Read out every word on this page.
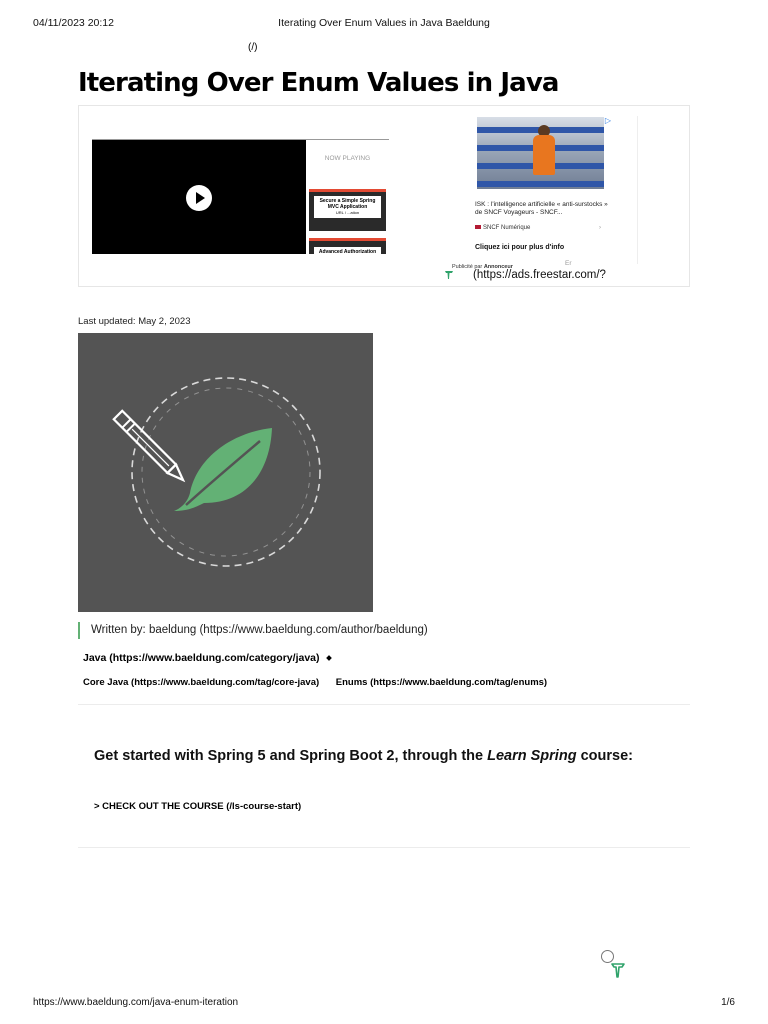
04/11/2023 20:12	Iterating Over Enum Values in Java Baeldung
(/)
Iterating Over Enum Values in Java
NOW PLAYING
Secure a Simple Spring MVC Application
URL / ...ation
Advanced Authorization
▷
ISK : l'intelligence artificielle « anti-surstocks » de SNCF Voyageurs - SNCF...
SNCF Numérique	›
Cliquez ici pour plus d'info
Publicité par Annonceur	Er
(https://ads.freestar.com/?
Last updated: May 2, 2023
Written by: baeldung (https://www.baeldung.com/author/baeldung)
Java (https://www.baeldung.com/category/java)
Core Java (https://www.baeldung.com/tag/core-java) Enums (https://www.baeldung.com/tag/enums)
Get started with Spring 5 and Spring Boot 2, through the Learn Spring course:
> CHECK OUT THE COURSE (/ls-course-start)
https://www.baeldung.com/java-enum-iteration	1/6
